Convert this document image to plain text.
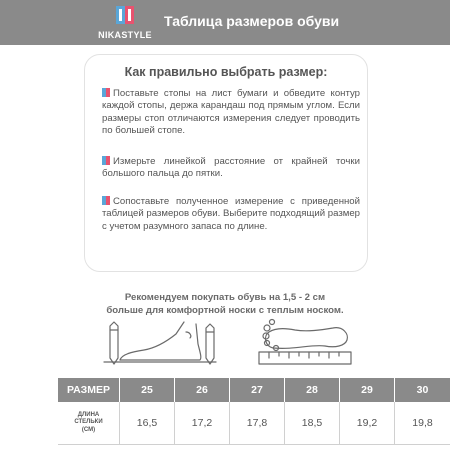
NIKASTYLE
Таблица размеров обуви
Как правильно выбрать размер:
Поставьте стопы на лист бумаги и обведите контур каждой стопы, держа карандаш под прямым углом. Если размеры стоп отличаются измерения следует проводить по большей стопе.
Измерьте линейкой расстояние от крайней точки большого пальца до пятки.
Сопоставьте полученное измерение с приведенной таблицей размеров обуви. Выберите подходящий размер с учетом разумного запаса по длине.
Рекомендуем покупать обувь на 1,5 - 2 см
больше для комфортной носки с теплым носком.
РАЗМЕР	25	26	27	28	29	30
ДЛИНА
СТЕЛЬКИ
(СМ)
16,5	17,2	17,8	18,5	19,2	19,8
